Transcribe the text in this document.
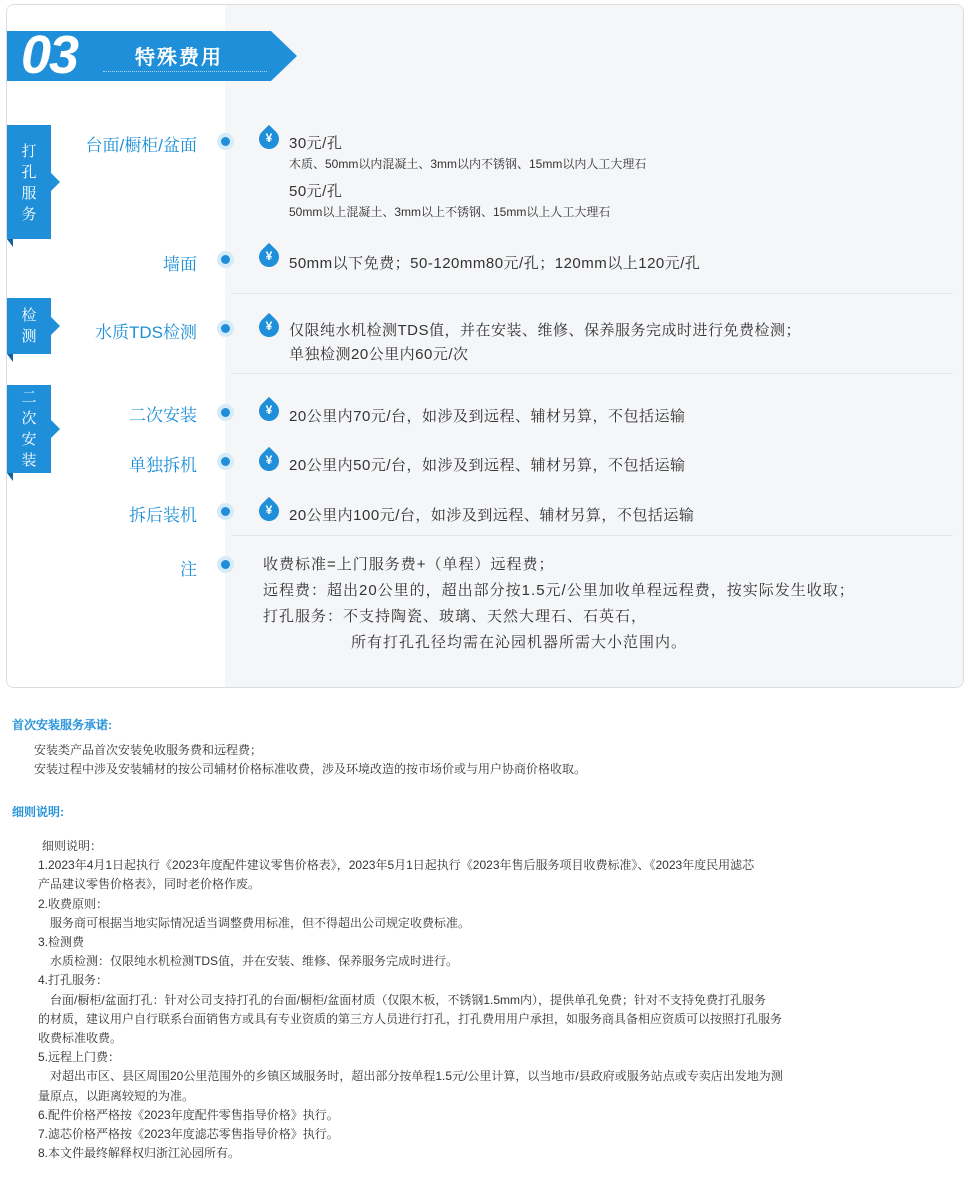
03	特殊费用
打孔服务
检测
二次安装
台面/橱柜/盆面	¥	30元/孔
木质、50mm以内混凝土、3mm以内不锈钢、15mm以内人工大理石
50元/孔
50mm以上混凝土、3mm以上不锈钢、15mm以上人工大理石
墙面	¥	50mm以下免费；50-120mm80元/孔；120mm以上120元/孔
水质TDS检测	¥	仅限纯水机检测TDS值，并在安装、维修、保养服务完成时进行免费检测；
单独检测20公里内60元/次
二次安装	¥	20公里内70元/台，如涉及到远程、辅材另算，不包括运输
单独拆机	¥	20公里内50元/台，如涉及到远程、辅材另算，不包括运输
拆后装机	¥	20公里内100元/台，如涉及到远程、辅材另算，不包括运输
注	收费标准=上门服务费+（单程）远程费；
远程费：超出20公里的，超出部分按1.5元/公里加收单程远程费，按实际发生收取；
打孔服务：不支持陶瓷、玻璃、天然大理石、石英石，
所有打孔孔径均需在沁园机器所需大小范围内。
首次安装服务承诺:
安装类产品首次安装免收服务费和远程费；
安装过程中涉及安装辅材的按公司辅材价格标准收费，涉及环境改造的按市场价或与用户协商价格收取。
细则说明:
细则说明：
1.2023年4月1日起执行《2023年度配件建议零售价格表》，2023年5月1日起执行《2023年售后服务项目收费标准》、《2023年度民用滤芯
产品建议零售价格表》，同时老价格作废。
2.收费原则：
服务商可根据当地实际情况适当调整费用标准，但不得超出公司规定收费标准。
3.检测费
水质检测：仅限纯水机检测TDS值，并在安装、维修、保养服务完成时进行。
4.打孔服务：
台面/橱柜/盆面打孔：针对公司支持打孔的台面/橱柜/盆面材质（仅限木板，不锈钢1.5mm内），提供单孔免费；针对不支持免费打孔服务
的材质，建议用户自行联系台面销售方或具有专业资质的第三方人员进行打孔，打孔费用用户承担，如服务商具备相应资质可以按照打孔服务
收费标准收费。
5.远程上门费：
对超出市区、县区周围20公里范围外的乡镇区域服务时，超出部分按单程1.5元/公里计算，以当地市/县政府或服务站点或专卖店出发地为测
量原点，以距离较短的为准。
6.配件价格严格按《2023年度配件零售指导价格》执行。
7.滤芯价格严格按《2023年度滤芯零售指导价格》执行。
8.本文件最终解释权归浙江沁园所有。
